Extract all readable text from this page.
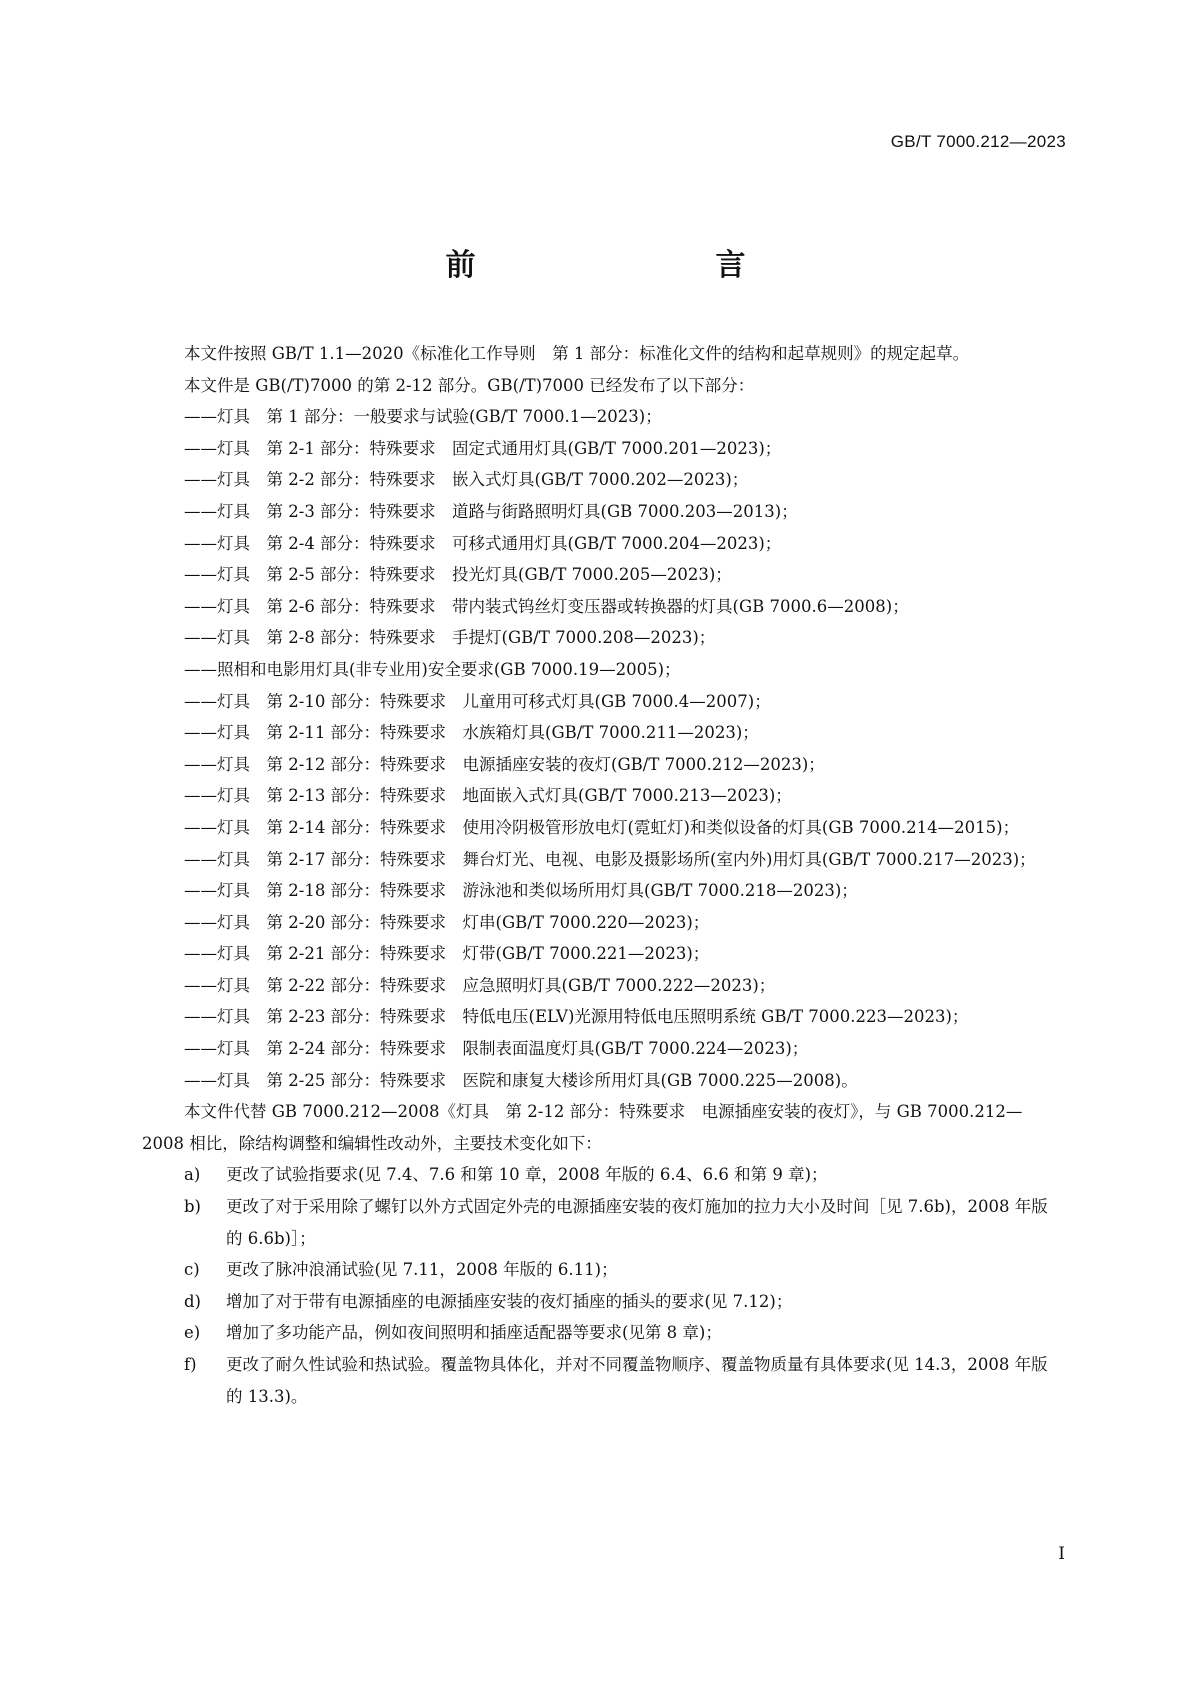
GB/T 7000.212—2023
前　　言

本文件按照 GB/T 1.1—2020《标准化工作导则　第 1 部分：标准化文件的结构和起草规则》的规定起草。

本文件是 GB(/T)7000 的第 2-12 部分。GB(/T)7000 已经发布了以下部分：

——灯具　第 1 部分：一般要求与试验(GB/T 7000.1—2023)；
——灯具　第 2-1 部分：特殊要求　固定式通用灯具(GB/T 7000.201—2023)；
——灯具　第 2-2 部分：特殊要求　嵌入式灯具(GB/T 7000.202—2023)；
——灯具　第 2-3 部分：特殊要求　道路与街路照明灯具(GB 7000.203—2013)；
——灯具　第 2-4 部分：特殊要求　可移式通用灯具(GB/T 7000.204—2023)；
——灯具　第 2-5 部分：特殊要求　投光灯具(GB/T 7000.205—2023)；
——灯具　第 2-6 部分：特殊要求　带内装式钨丝灯变压器或转换器的灯具(GB 7000.6—2008)；
——灯具　第 2-8 部分：特殊要求　手提灯(GB/T 7000.208—2023)；
——照相和电影用灯具(非专业用)安全要求(GB 7000.19—2005)；
——灯具　第 2-10 部分：特殊要求　儿童用可移式灯具(GB 7000.4—2007)；
——灯具　第 2-11 部分：特殊要求　水族箱灯具(GB/T 7000.211—2023)；
——灯具　第 2-12 部分：特殊要求　电源插座安装的夜灯(GB/T 7000.212—2023)；
——灯具　第 2-13 部分：特殊要求　地面嵌入式灯具(GB/T 7000.213—2023)；
——灯具　第 2-14 部分：特殊要求　使用冷阴极管形放电灯(霓虹灯)和类似设备的灯具(GB 7000.214—2015)；
——灯具　第 2-17 部分：特殊要求　舞台灯光、电视、电影及摄影场所(室内外)用灯具(GB/T 7000.217—2023)；
——灯具　第 2-18 部分：特殊要求　游泳池和类似场所用灯具(GB/T 7000.218—2023)；
——灯具　第 2-20 部分：特殊要求　灯串(GB/T 7000.220—2023)；
——灯具　第 2-21 部分：特殊要求　灯带(GB/T 7000.221—2023)；
——灯具　第 2-22 部分：特殊要求　应急照明灯具(GB/T 7000.222—2023)；
——灯具　第 2-23 部分：特殊要求　特低电压(ELV)光源用特低电压照明系统 GB/T 7000.223—2023)；
——灯具　第 2-24 部分：特殊要求　限制表面温度灯具(GB/T 7000.224—2023)；
——灯具　第 2-25 部分：特殊要求　医院和康复大楼诊所用灯具(GB 7000.225—2008)。

本文件代替 GB 7000.212—2008《灯具　第 2-12 部分：特殊要求　电源插座安装的夜灯》，与 GB 7000.212—2008 相比，除结构调整和编辑性改动外，主要技术变化如下：

a) 更改了试验指要求(见 7.4、7.6 和第 10 章，2008 年版的 6.4、6.6 和第 9 章)；
b) 更改了对于采用除了螺钉以外方式固定外壳的电源插座安装的夜灯施加的拉力大小及时间［见 7.6b)，2008 年版的 6.6b)］；
c) 更改了脉冲浪涌试验(见 7.11，2008 年版的 6.11)；
d) 增加了对于带有电源插座的电源插座安装的夜灯插座的插头的要求(见 7.12)；
e) 增加了多功能产品，例如夜间照明和插座适配器等要求(见第 8 章)；
f) 更改了耐久性试验和热试验。覆盖物具体化，并对不同覆盖物顺序、覆盖物质量有具体要求(见 14.3，2008 年版的 13.3)。
I
